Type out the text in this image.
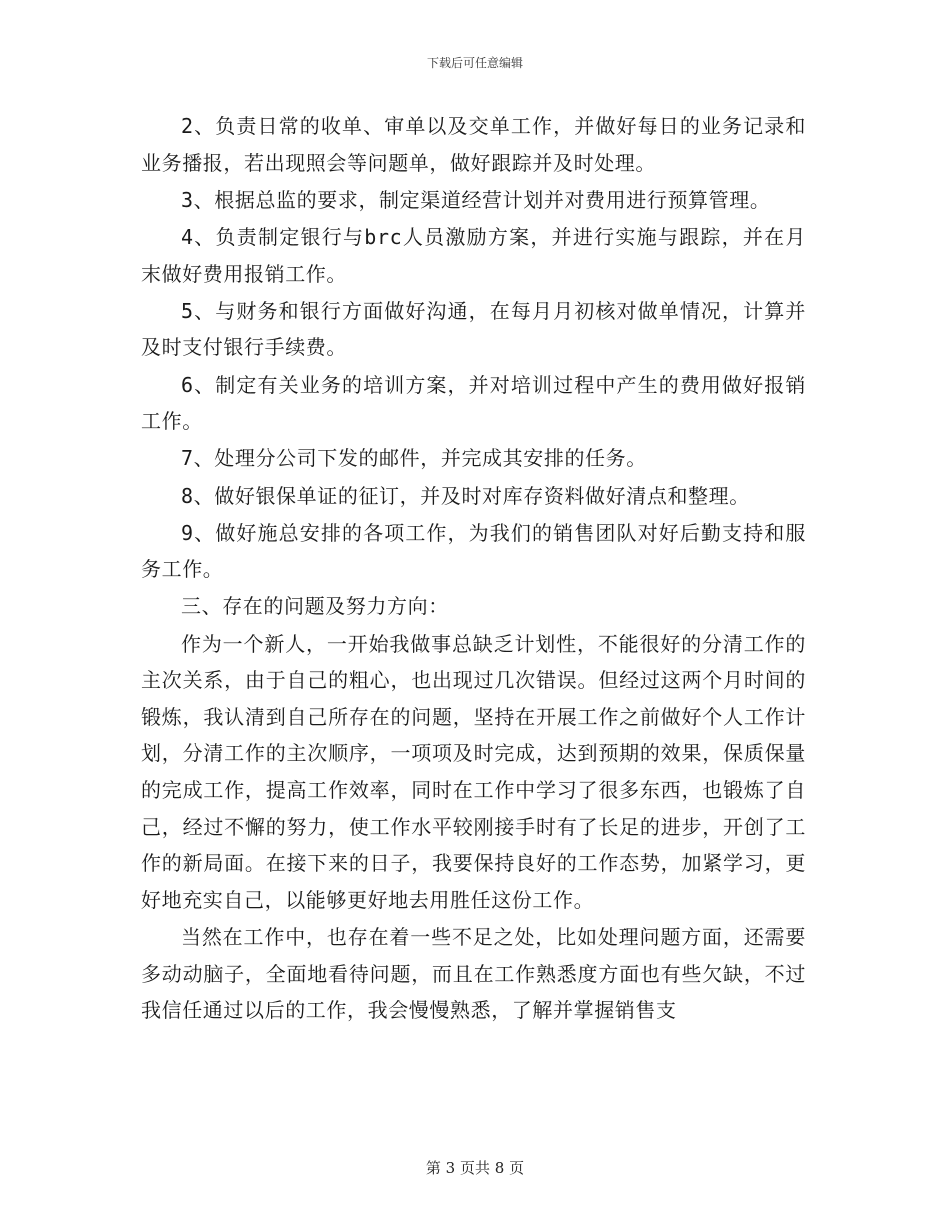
下载后可任意编辑

2、负责日常的收单、审单以及交单工作，并做好每日的业务记录和业务播报，若出现照会等问题单，做好跟踪并及时处理。

3、根据总监的要求，制定渠道经营计划并对费用进行预算管理。

4、负责制定银行与brc人员激励方案，并进行实施与跟踪，并在月末做好费用报销工作。

5、与财务和银行方面做好沟通，在每月月初核对做单情况，计算并及时支付银行手续费。

6、制定有关业务的培训方案，并对培训过程中产生的费用做好报销工作。

7、处理分公司下发的邮件，并完成其安排的任务。

8、做好银保单证的征订，并及时对库存资料做好清点和整理。

9、做好施总安排的各项工作，为我们的销售团队对好后勤支持和服务工作。

三、存在的问题及努力方向：

作为一个新人，一开始我做事总缺乏计划性，不能很好的分清工作的主次关系，由于自己的粗心，也出现过几次错误。但经过这两个月时间的锻炼，我认清到自己所存在的问题，坚持在开展工作之前做好个人工作计划，分清工作的主次顺序，一项项及时完成，达到预期的效果，保质保量的完成工作，提高工作效率，同时在工作中学习了很多东西，也锻炼了自己，经过不懈的努力，使工作水平较刚接手时有了长足的进步，开创了工作的新局面。在接下来的日子，我要保持良好的工作态势，加紧学习，更好地充实自己，以能够更好地去用胜任这份工作。

当然在工作中，也存在着一些不足之处，比如处理问题方面，还需要多动动脑子，全面地看待问题，而且在工作熟悉度方面也有些欠缺，不过我信任通过以后的工作，我会慢慢熟悉，了解并掌握销售支

第 3 页共 8 页
